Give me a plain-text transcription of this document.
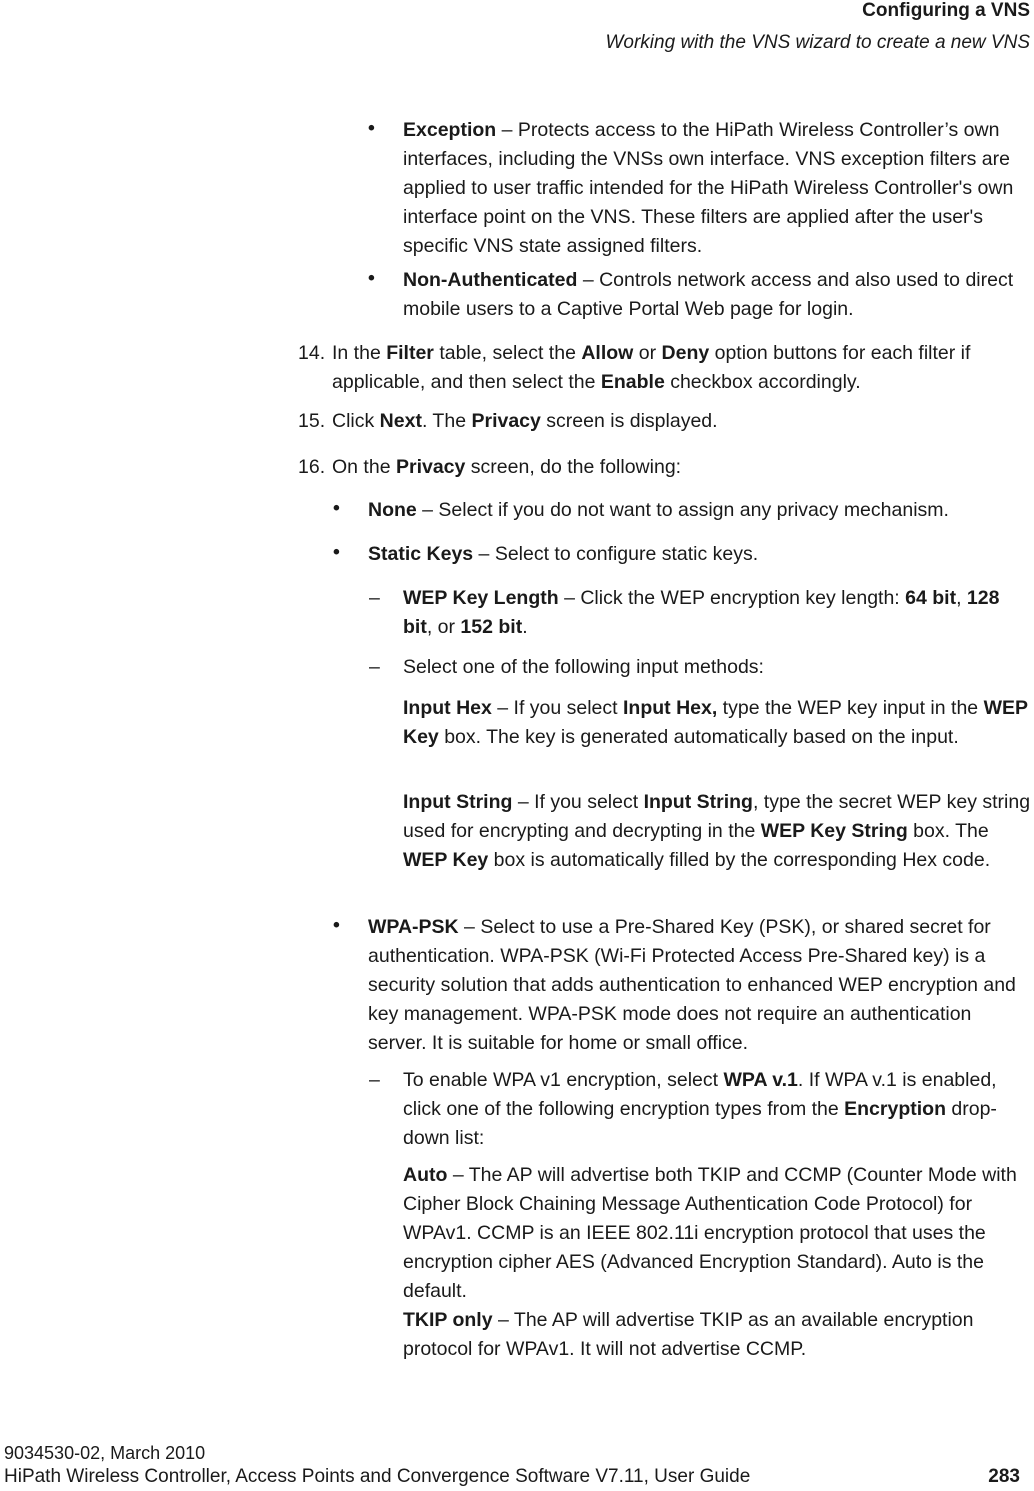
Configuring a VNS
Working with the VNS wizard to create a new VNS
• Exception – Protects access to the HiPath Wireless Controller’s own interfaces, including the VNSs own interface. VNS exception filters are applied to user traffic intended for the HiPath Wireless Controller's own interface point on the VNS. These filters are applied after the user's specific VNS state assigned filters.
• Non-Authenticated – Controls network access and also used to direct mobile users to a Captive Portal Web page for login.
14. In the Filter table, select the Allow or Deny option buttons for each filter if applicable, and then select the Enable checkbox accordingly.
15. Click Next. The Privacy screen is displayed.
16. On the Privacy screen, do the following:
• None – Select if you do not want to assign any privacy mechanism.
• Static Keys – Select to configure static keys.
– WEP Key Length – Click the WEP encryption key length: 64 bit, 128 bit, or 152 bit.
– Select one of the following input methods:
Input Hex – If you select Input Hex, type the WEP key input in the WEP Key box. The key is generated automatically based on the input.
Input String – If you select Input String, type the secret WEP key string used for encrypting and decrypting in the WEP Key String box. The WEP Key box is automatically filled by the corresponding Hex code.
• WPA-PSK – Select to use a Pre-Shared Key (PSK), or shared secret for authentication. WPA-PSK (Wi-Fi Protected Access Pre-Shared key) is a security solution that adds authentication to enhanced WEP encryption and key management. WPA-PSK mode does not require an authentication server. It is suitable for home or small office.
– To enable WPA v1 encryption, select WPA v.1. If WPA v.1 is enabled, click one of the following encryption types from the Encryption drop-down list:
Auto – The AP will advertise both TKIP and CCMP (Counter Mode with Cipher Block Chaining Message Authentication Code Protocol) for WPAv1. CCMP is an IEEE 802.11i encryption protocol that uses the encryption cipher AES (Advanced Encryption Standard). Auto is the default.
TKIP only – The AP will advertise TKIP as an available encryption protocol for WPAv1. It will not advertise CCMP.
9034530-02, March 2010
HiPath Wireless Controller, Access Points and Convergence Software V7.11, User Guide	283
